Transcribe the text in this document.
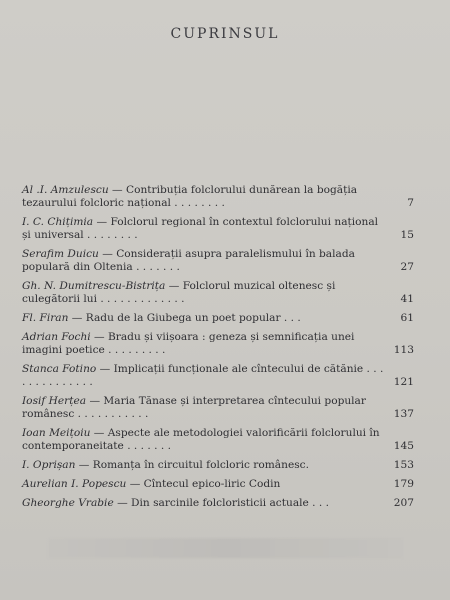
CUPRINSUL
Al .I. Amzulescu — Contribuția folclorului dunărean la bogăția tezaurului folcloric național . . . . . . . .	7
I. C. Chițimia — Folclorul regional în contextul folclorului național și universal . . . . . . . .	15
Serafim Duicu — Considerații asupra paralelismului în balada populară din Oltenia . . . . . . .	27
Gh. N. Dumitrescu-Bistrița — Folclorul muzical oltenesc și culegătorii lui . . . . . . . . . . . . .	41
Fl. Firan — Radu de la Giubega un poet popular . . .	61
Adrian Fochi — Bradu și viișoara : geneza și semnificația unei imagini poetice . . . . . . . . .	113
Stanca Fotino — Implicații funcționale ale cîntecului de cătănie . . . . . . . . . . . . . .	121
Iosif Herțea — Maria Tănase și interpretarea cîntecului popular românesc . . . . . . . . . . .	137
Ioan Meițoiu — Aspecte ale metodologiei valorificării folclorului în contemporaneitate . . . . . . .	145
I. Oprișan — Romanța în circuitul folcloric românesc.	153
Aurelian I. Popescu — Cîntecul epico-liric Codin	179
Gheorghe Vrabie — Din sarcinile folcloristicii actuale . . .	207
